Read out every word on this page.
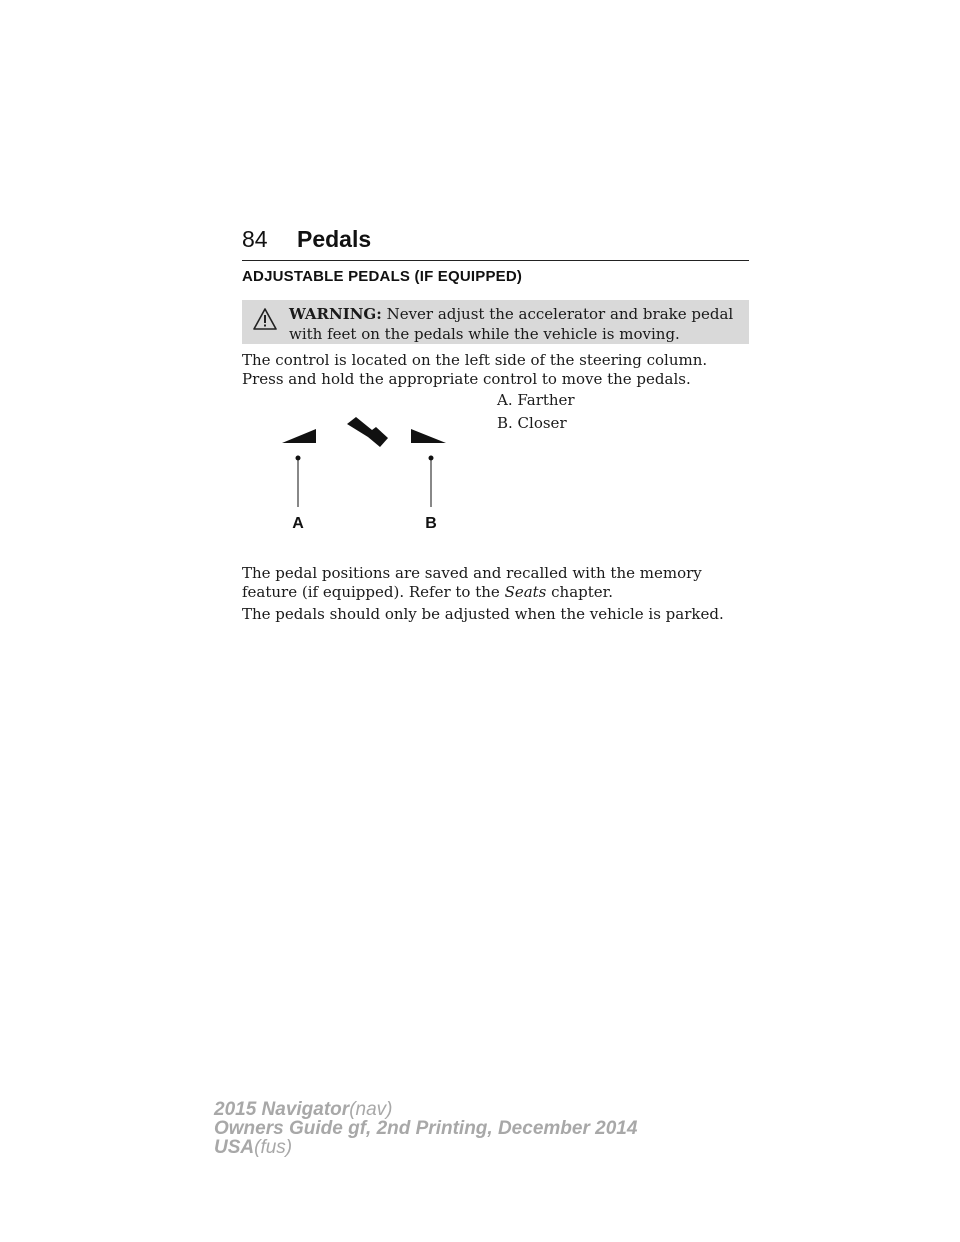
84 Pedals
ADJUSTABLE PEDALS (IF EQUIPPED)
WARNING: Never adjust the accelerator and brake pedal with feet on the pedals while the vehicle is moving.

The control is located on the left side of the steering column. Press and hold the appropriate control to move the pedals.

A. Farther
B. Closer
A	B

The pedal positions are saved and recalled with the memory feature (if equipped). Refer to the Seats chapter.

The pedals should only be adjusted when the vehicle is parked.

2015 Navigator(nav)
Owners Guide gf, 2nd Printing, December 2014
USA(fus)
